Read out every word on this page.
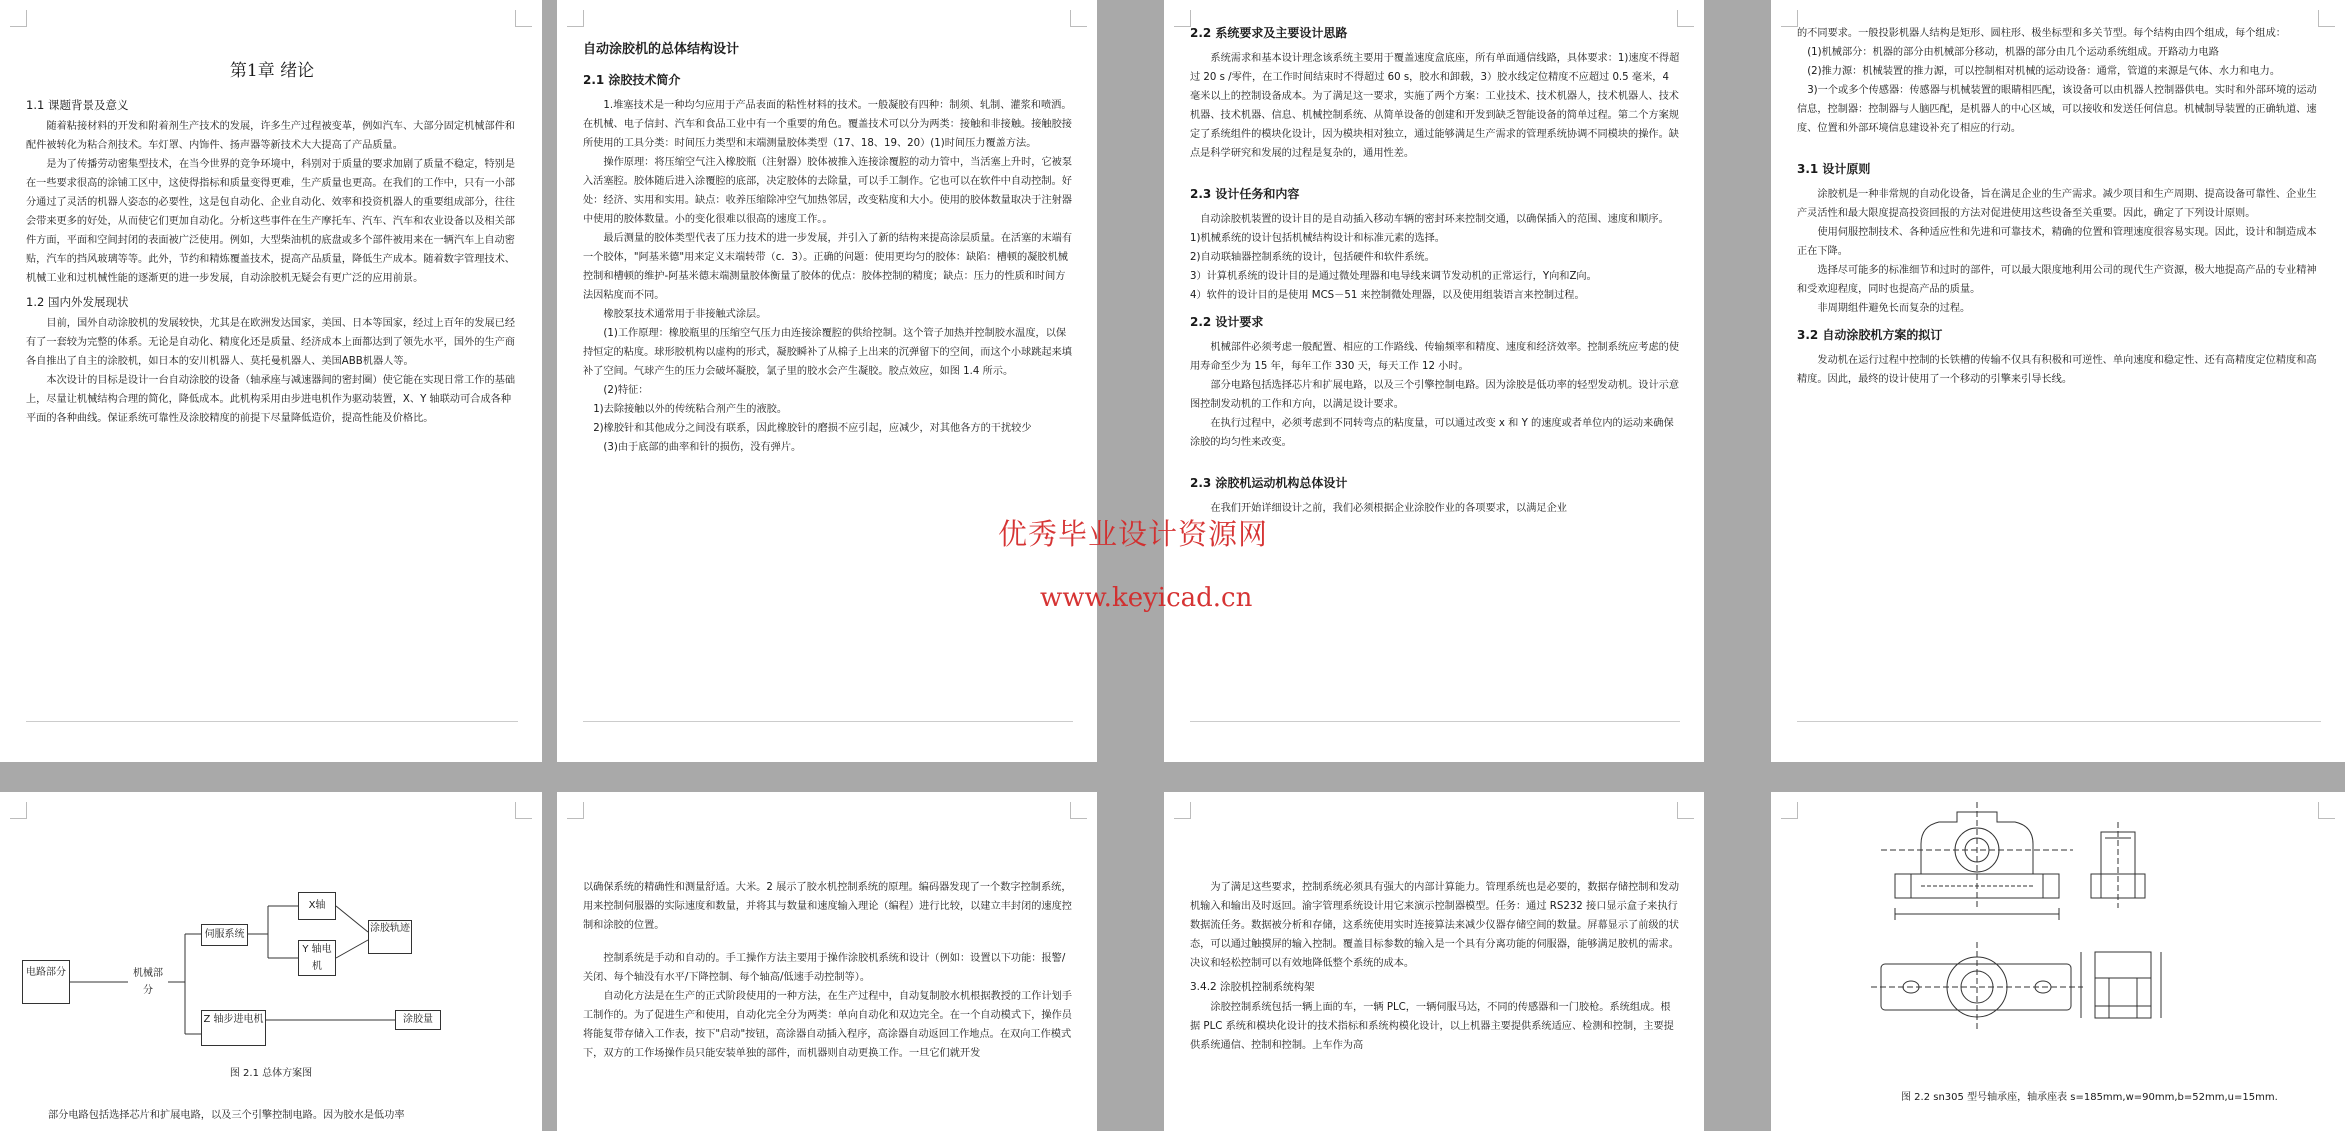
第1章 绪论
1.1 课题背景及意义

随着粘接材料的开发和附着剂生产技术的发展，许多生产过程被变革，例如汽车、大部分固定机械部件和配件被转化为粘合剂技术。车灯罩、内饰件、扬声器等新技术大大提高了产品质量。

是为了传播劳动密集型技术，在当今世界的竞争环境中，科别对于质量的要求加剧了质量不稳定，特别是在一些要求很高的涂铺工区中，这使得指标和质量变得更难，生产质量也更高。在我们的工作中，只有一小部分通过了灵活的机器人姿态的必要性，这是包自动化、企业自动化、效率和投资机器人的重要组成部分，往往会带来更多的好处，从而使它们更加自动化。分析这些事件在生产摩托车、汽车、汽车和农业设备以及相关部件方面，平面和空间封闭的表面被广泛使用。例如，大型柴油机的底盘或多个部件被用来在一辆汽车上自动密贴，汽车的挡风玻璃等等。此外，节约和精炼覆盖技术，提高产品质量，降低生产成本。随着数字管理技术、机械工业和过机械性能的逐渐更的进一步发展，自动涂胶机无疑会有更广泛的应用前景。

1.2 国内外发展现状

目前，国外自动涂胶机的发展较快，尤其是在欧洲发达国家，美国、日本等国家，经过上百年的发展已经有了一套较为完整的体系。无论是自动化、精度化还是质量、经济成本上面都达到了领先水平，国外的生产商各自推出了自主的涂胶机，如日本的安川机器人、莫托曼机器人、美国ABB机器人等。

本次设计的目标是设计一台自动涂胶的设备（轴承座与减速器间的密封圈）使它能在实现日常工作的基础上，尽量让机械结构合理的简化，降低成本。此机构采用由步进电机作为驱动装置，X、Y 轴联动可合成各种平面的各种曲线。保证系统可靠性及涂胶精度的前提下尽量降低造价，提高性能及价格比。

自动涂胶机的总体结构设计
2.1 涂胶技术简介

1.堆塞技术是一种均匀应用于产品表面的粘性材料的技术。一般凝胶有四种：制须、轧制、灌浆和喷洒。在机械、电子信封、汽车和食品工业中有一个重要的角色。覆盖技术可以分为两类：接触和非接触。接触胶接所使用的工具分类：时间压力类型和末端测量胶体类型（17、18、19、20）(1)时间压力覆盖方法。

操作原理：将压缩空气注入橡胶瓶（注射器）胶体被推入连接涂覆腔的动力管中，当活塞上升时，它被泵入活塞腔。胶体随后进入涂覆腔的底部，决定胶体的去除量，可以手工制作。它也可以在软件中自动控制。好处：经济、实用和实用。缺点：收养压缩除冲空气加热邻居，改变粘度和大小。使用的胶体数量取决于注射器中使用的胶体数量。小的变化很难以很高的速度工作。。

最后测量的胶体类型代表了压力技术的进一步发展，并引入了新的结构来提高涂层质量。在活塞的末端有一个胶体，"阿基米德"用来定义末端转带（c．3）。正确的问题：使用更均匀的胶体：缺陷：槽顿的凝胶机械控制和槽顿的维护-阿基米德末端测量胶体衡量了胶体的优点：胶体控制的精度；缺点：压力的性质和时间方法因粘度而不同。

橡胶泵技术通常用于非接触式涂层。

(1)工作原理：橡胶瓶里的压缩空气压力由连接涂覆腔的供给控制。这个管子加热并控制胶水温度，以保持恒定的粘度。球形胶机构以虚构的形式，凝胶瞬补了从棉子上出来的沉弹留下的空间，而这个小球跳起来填补了空间。气球产生的压力会破坏凝胶，氯子里的胶水会产生凝胶。胶点效应，如图 1.4 所示。

(2)特征：

1)去除接触以外的传统粘合剂产生的液胶。

2)橡胶针和其他成分之间没有联系，因此橡胶针的磨损不应引起，应减少，对其他各方的干扰较少

(3)由于底部的曲率和针的损伤，没有弹片。

2.2 系统要求及主要设计思路

系统需求和基本设计理念该系统主要用于覆盖速度盒底座，所有单面通信线路，具体要求：1)速度不得超过 20 s /零件，在工作时间结束时不得超过 60 s，胶水和卸载，3）胶水线定位精度不应超过 0.5 毫米，4 毫米以上的控制设备成本。为了满足这一要求，实施了两个方案：工业技术、技术机器人，技术机器人、技术机器、技术机器、信息、机械控制系统、从简单设备的创建和开发到缺乏智能设备的简单过程。第二个方案规定了系统组件的模块化设计，因为模块相对独立，通过能够满足生产需求的管理系统协调不同模块的操作。缺点是科学研究和发展的过程是复杂的，通用性差。

2.3 设计任务和内容

自动涂胶机装置的设计目的是自动插入移动车辆的密封环来控制交通，以确保插入的范围、速度和顺序。

1)机械系统的设计包括机械结构设计和标准元素的选择。

2)自动联轴器控制系统的设计，包括硬件和软件系统。

3）计算机系统的设计目的是通过微处理器和电导线来调节发动机的正常运行，Y向和Z向。

4）软件的设计目的是使用 MCS－51 来控制微处理器，以及使用组装语言来控制过程。

2.2 设计要求

机械部件必须考虑一般配置、相应的工作路线、传输频率和精度、速度和经济效率。控制系统应考虑的使用寿命至少为 15 年，每年工作 330 天，每天工作 12 小时。

部分电路包括选择芯片和扩展电路，以及三个引擎控制电路。因为涂胶是低功率的轻型发动机。设计示意图控制发动机的工作和方向，以满足设计要求。

在执行过程中，必须考虑到不同转弯点的粘度量，可以通过改变 x 和 Y 的速度或者单位内的运动来确保涂胶的均匀性来改变。

2.3 涂胶机运动机构总体设计

在我们开始详细设计之前，我们必须根据企业涂胶作业的各项要求，以满足企业

的不同要求。一般投影机器人结构是矩形、圆柱形、极坐标型和多关节型。每个结构由四个组成，每个组成：

(1)机械部分：机器的部分由机械部分移动，机器的部分由几个运动系统组成。开路动力电路

(2)推力源：机械装置的推力源，可以控制相对机械的运动设备：通常，管道的来源是气体、水力和电力。

3)一个或多个传感器：传感器与机械装置的眼睛相匹配，该设备可以由机器人控制器供电。实时和外部环境的运动信息，控制器：控制器与人脑匹配，是机器人的中心区域，可以接收和发送任何信息。机械制导装置的正确轨道、速度、位置和外部环境信息建设补充了相应的行动。

3.1 设计原则

涂胶机是一种非常规的自动化设备，旨在满足企业的生产需求。减少项目和生产周期、提高设备可靠性、企业生产灵活性和最大限度提高投资回报的方法对促进使用这些设备至关重要。因此，确定了下列设计原则。

使用伺服控制技术、各种适应性和先进和可靠技术，精确的位置和管理速度很容易实现。因此，设计和制造成本正在下降。

选择尽可能多的标准细节和过时的部件，可以最大限度地利用公司的现代生产资源，极大地提高产品的专业精神和受欢迎程度，同时也提高产品的质量。

非周期组件避免长而复杂的过程。

3.2 自动涂胶机方案的拟订

发动机在运行过程中控制的长铁槽的传输不仅具有积极和可逆性、单向速度和稳定性、还有高精度定位精度和高精度。因此，最终的设计使用了一个移动的引擎来引导长线。

电路部分	机械部分
伺服系统
X轴
Y 轴电机
涂胶轨迹
Z 轴步进电机	涂胶量
图 2.1 总体方案图

部分电路包括选择芯片和扩展电路，以及三个引擎控制电路。因为胶水是低功率

以确保系统的精确性和测量舒适。大米。2 展示了胶水机控制系统的原理。编码器发现了一个数字控制系统，用来控制伺服器的实际速度和数量，并将其与数量和速度输入理论（编程）进行比较，以建立丰封闭的速度控制和涂胶的位置。

控制系统是手动和自动的。手工操作方法主要用于操作涂胶机系统和设计（例如：设置以下功能：报警/关闭、每个轴没有水平/下降控制、每个轴高/低速手动控制等）。

自动化方法是在生产的正式阶段使用的一种方法，在生产过程中，自动复制胶水机根据教授的工作计划手工制作的。为了促进生产和使用，自动化完全分为两类：单向自动化和双边完全。在一个自动模式下，操作员将能复带存储入工作表，按下"启动"按钮，高涂器自动插入程序，高涂器自动返回工作地点。在双向工作模式下，双方的工作场操作员只能安装单独的部件，而机器则自动更换工作。一旦它们就开发

为了满足这些要求，控制系统必须具有强大的内部计算能力。管理系统也是必要的，数据存储控制和发动机输入和输出及时返回。渝字管理系统设计用它来演示控制器模型。任务：通过 RS232 接口显示盒子来执行数据流任务。数据被分析和存储，这系统使用实时连接算法来减少仪器存储空间的数量。屏幕显示了前级的状态，可以通过触摸屏的输入控制。覆盖目标参数的输入是一个具有分离功能的伺服器，能够满足胶机的需求。决议和轻松控制可以有效地降低整个系统的成本。

3.4.2 涂胶机控制系统构架

涂胶控制系统包括一辆上面的车，一辆 PLC，一辆伺服马达，不同的传感器和一门胶枪。系统组成。根据 PLC 系统和模块化设计的技术指标和系统构模化设计，以上机器主要提供系统适应、检测和控制，主要提供系统通信、控制和控制。上车作为高

图 2.2 sn305 型号轴承座，轴承座表 s=185mm,w=90mm,b=52mm,u=15mm.
优秀毕业设计资源网
www.keyicad.cn
